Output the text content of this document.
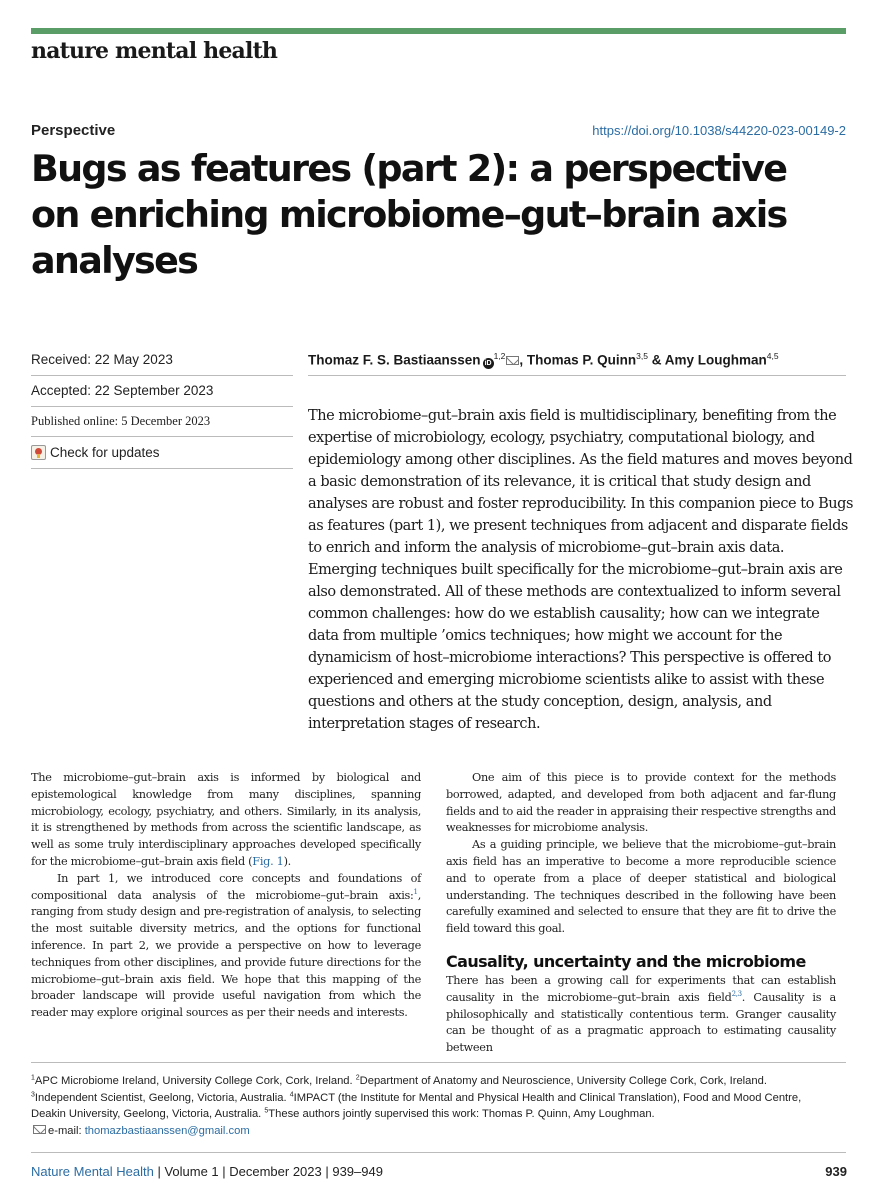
nature mental health
Perspective	https://doi.org/10.1038/s44220-023-00149-2
Bugs as features (part 2): a perspective on enriching microbiome–gut–brain axis analyses
Received: 22 May 2023
Accepted: 22 September 2023
Published online: 5 December 2023
Check for updates
Thomaz F. S. Bastiaanssen iD$^{1,2}$ , Thomas P. Quinn$^{3,5}$ & Amy Loughman$^{4,5}$

The microbiome–gut–brain axis field is multidisciplinary, benefiting from the expertise of microbiology, ecology, psychiatry, computational biology, and epidemiology among other disciplines. As the field matures and moves beyond a basic demonstration of its relevance, it is critical that study design and analyses are robust and foster reproducibility. In this companion piece to Bugs as features (part 1), we present techniques from adjacent and disparate fields to enrich and inform the analysis of microbiome–gut–brain axis data. Emerging techniques built specifically for the microbiome–gut–brain axis are also demonstrated. All of these methods are contextualized to inform several common challenges: how do we establish causality; how can we integrate data from multiple ’omics techniques; how might we account for the dynamicism of host–microbiome interactions? This perspective is offered to experienced and emerging microbiome scientists alike to assist with these questions and others at the study conception, design, analysis, and interpretation stages of research.

The microbiome–gut–brain axis is informed by biological and epistemological knowledge from many disciplines, spanning microbiology, ecology, psychiatry, and others. Similarly, in its analysis, it is strengthened by methods from across the scientific landscape, as well as some truly interdisciplinary approaches developed specifically for the microbiome–gut–brain axis field (Fig. 1).

In part 1, we introduced core concepts and foundations of compositional data analysis of the microbiome–gut–brain axis:$^1$, ranging from study design and pre-registration of analysis, to selecting the most suitable diversity metrics, and the options for functional inference. In part 2, we provide a perspective on how to leverage techniques from other disciplines, and provide future directions for the microbiome–gut–brain axis field. We hope that this mapping of the broader landscape will provide useful navigation from which the reader may explore original sources as per their needs and interests.

One aim of this piece is to provide context for the methods borrowed, adapted, and developed from both adjacent and far-flung fields and to aid the reader in appraising their respective strengths and weaknesses for microbiome analysis.

As a guiding principle, we believe that the microbiome–gut–brain axis field has an imperative to become a more reproducible science and to operate from a place of deeper statistical and biological understanding. The techniques described in the following have been carefully examined and selected to ensure that they are fit to drive the field toward this goal.

Causality, uncertainty and the microbiome

There has been a growing call for experiments that can establish causality in the microbiome–gut–brain axis field$^{2,3}$. Causality is a philosophically and statistically contentious term. Granger causality can be thought of as a pragmatic approach to estimating causality between

$^1$APC Microbiome Ireland, University College Cork, Cork, Ireland. $^2$Department of Anatomy and Neuroscience, University College Cork, Cork, Ireland.
$^3$Independent Scientist, Geelong, Victoria, Australia. $^4$IMPACT (the Institute for Mental and Physical Health and Clinical Translation), Food and Mood Centre, Deakin University, Geelong, Victoria, Australia. $^5$These authors jointly supervised this work: Thomas P. Quinn, Amy Loughman.
e-mail: thomazbastiaanssen@gmail.com
Nature Mental Health | Volume 1 | December 2023 | 939–949	939
